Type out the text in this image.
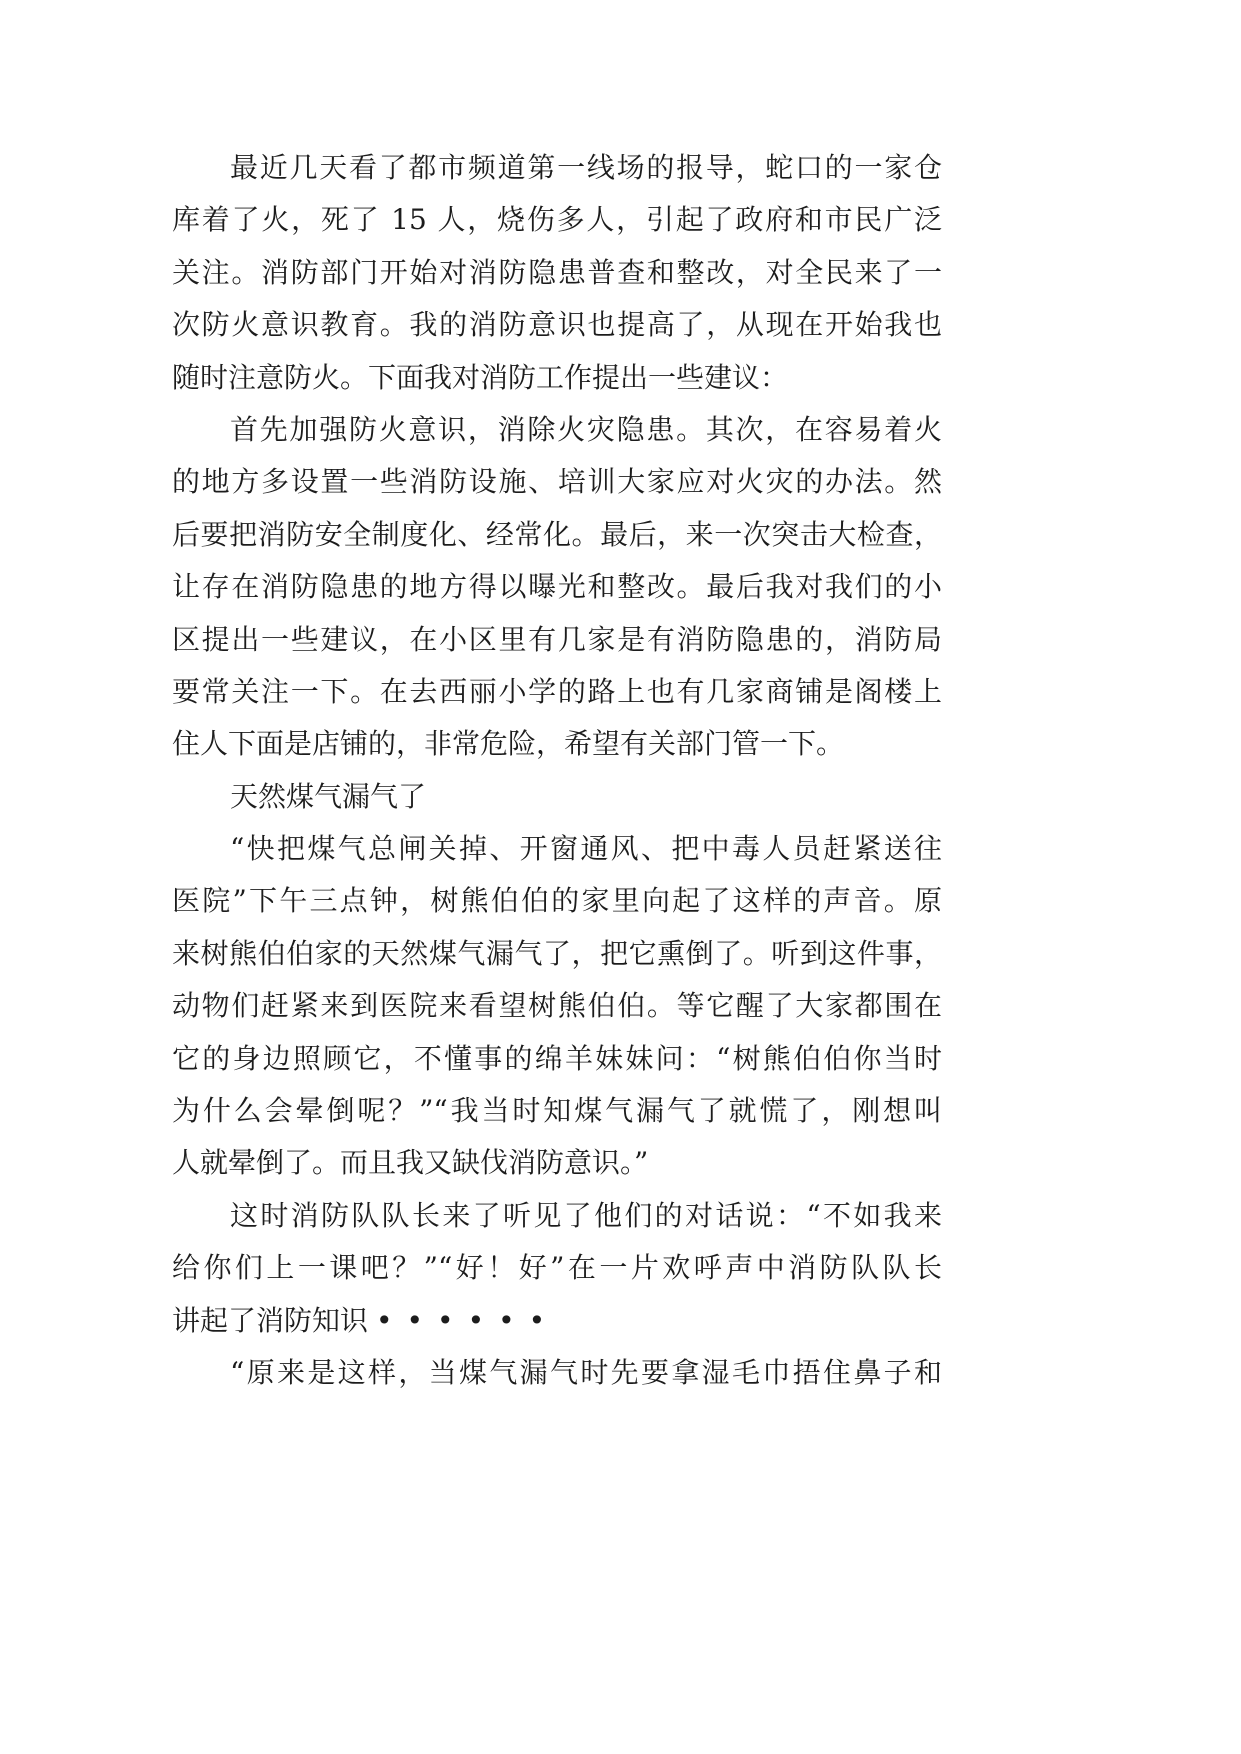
最近几天看了都市频道第一线场的报导，蛇口的一家仓
库着了火，死了 15 人，烧伤多人，引起了政府和市民广泛
关注。消防部门开始对消防隐患普查和整改，对全民来了一
次防火意识教育。我的消防意识也提高了，从现在开始我也
随时注意防火。下面我对消防工作提出一些建议：
首先加强防火意识，消除火灾隐患。其次，在容易着火
的地方多设置一些消防设施、培训大家应对火灾的办法。然
后要把消防安全制度化、经常化。最后，来一次突击大检查，
让存在消防隐患的地方得以曝光和整改。最后我对我们的小
区提出一些建议，在小区里有几家是有消防隐患的，消防局
要常关注一下。在去西丽小学的路上也有几家商铺是阁楼上
住人下面是店铺的，非常危险，希望有关部门管一下。
天然煤气漏气了
“快把煤气总闸关掉、开窗通风、把中毒人员赶紧送往
医院”下午三点钟，树熊伯伯的家里向起了这样的声音。原
来树熊伯伯家的天然煤气漏气了，把它熏倒了。听到这件事，
动物们赶紧来到医院来看望树熊伯伯。等它醒了大家都围在
它的身边照顾它，不懂事的绵羊妹妹问：“树熊伯伯你当时
为什么会晕倒呢？”“我当时知煤气漏气了就慌了，刚想叫
人就晕倒了。而且我又缺伐消防意识。”
这时消防队队长来了听见了他们的对话说：“不如我来
给你们上一课吧？”“好！好”在一片欢呼声中消防队队长
讲起了消防知识 ••••••
“原来是这样，当煤气漏气时先要拿湿毛巾捂住鼻子和
